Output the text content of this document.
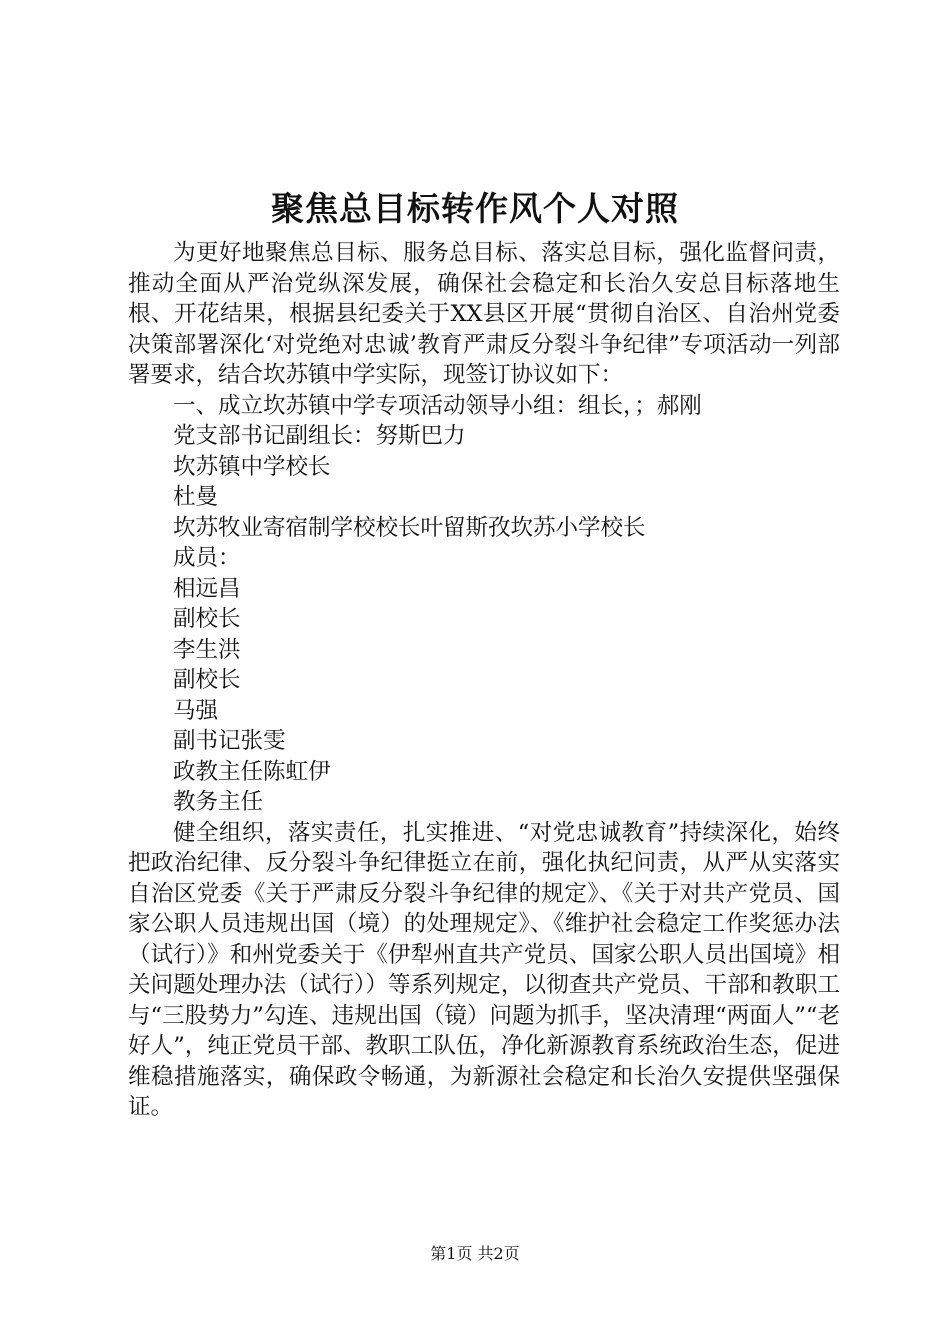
聚焦总目标转作风个人对照

为更好地聚焦总目标、服务总目标、落实总目标，强化监督问责，推动全面从严治党纵深发展，确保社会稳定和长治久安总目标落地生根、开花结果，根据县纪委关于XX县区开展“贯彻自治区、自治州党委决策部署深化‘对党绝对忠诚’教育严肃反分裂斗争纪律”专项活动一列部署要求，结合坎苏镇中学实际，现签订协议如下：

一、成立坎苏镇中学专项活动领导小组：组长，；郝刚

党支部书记副组长：努斯巴力

坎苏镇中学校长

杜曼

坎苏牧业寄宿制学校校长叶留斯孜坎苏小学校长

成员：

相远昌

副校长

李生洪

副校长

马强

副书记张雯

政教主任陈虹伊

教务主任

健全组织，落实责任，扎实推进、“对党忠诚教育”持续深化，始终把政治纪律、反分裂斗争纪律挺立在前，强化执纪问责，从严从实落实自治区党委《关于严肃反分裂斗争纪律的规定》、《关于对共产党员、国家公职人员违规出国（境）的处理规定》、《维护社会稳定工作奖惩办法（试行）》和州党委关于《伊犁州直共产党员、国家公职人员出国境》相关问题处理办法（试行））等系列规定，以彻查共产党员、干部和教职工与“三股势力”勾连、违规出国（镜）问题为抓手，坚决清理“两面人”“老好人”，纯正党员干部、教职工队伍，净化新源教育系统政治生态，促进维稳措施落实，确保政令畅通，为新源社会稳定和长治久安提供坚强保证。

第1页 共2页
